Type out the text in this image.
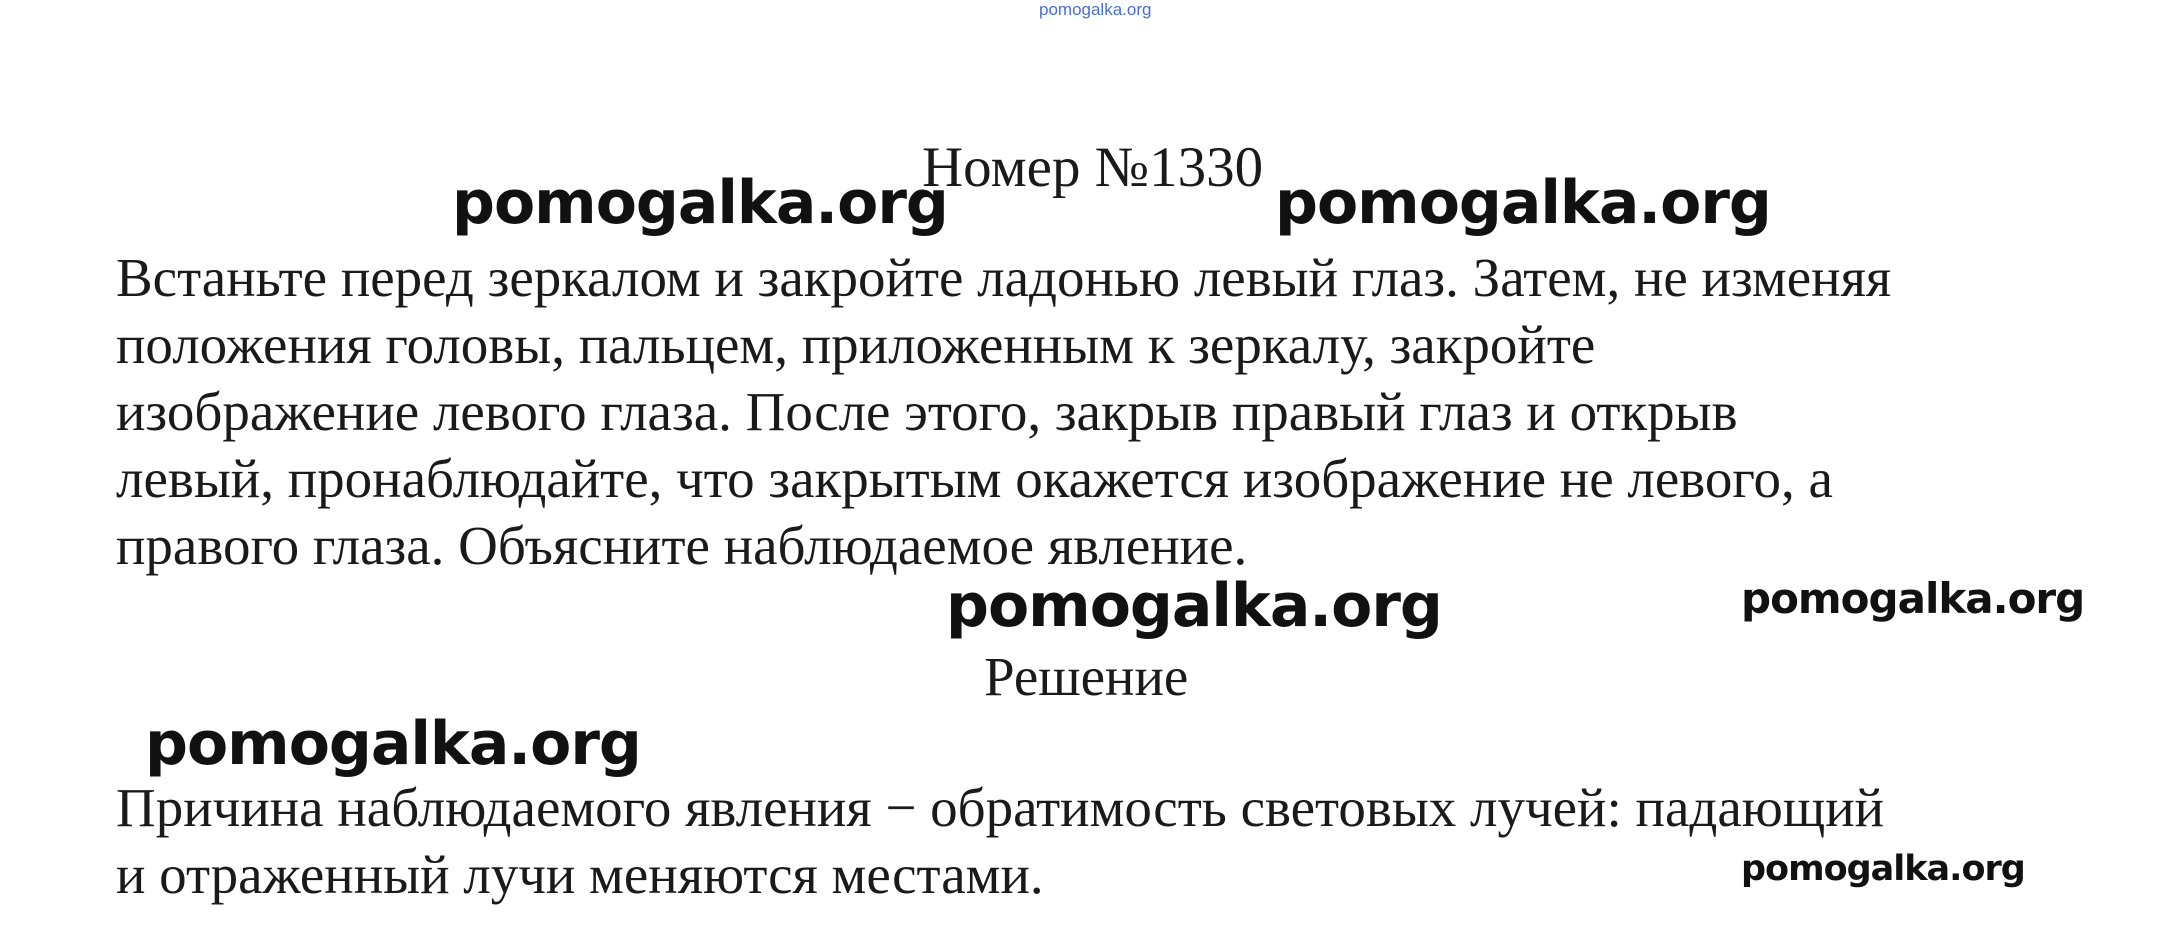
pomogalka.org
Номер №1330
pomogalka.org	pomogalka.org

Встаньте перед зеркалом и закройте ладонью левый глаз. Затем, не изменяя
положения головы, пальцем, приложенным к зеркалу, закройте
изображение левого глаза. После этого, закрыв правый глаз и открыв
левый, пронаблюдайте, что закрытым окажется изображение не левого, а
правого глаза. Объясните наблюдаемое явление.

pomogalka.org	pomogalka.org
Решение
pomogalka.org

Причина наблюдаемого явления − обратимость световых лучей: падающий
и отраженный лучи меняются местами.	pomogalka.org
